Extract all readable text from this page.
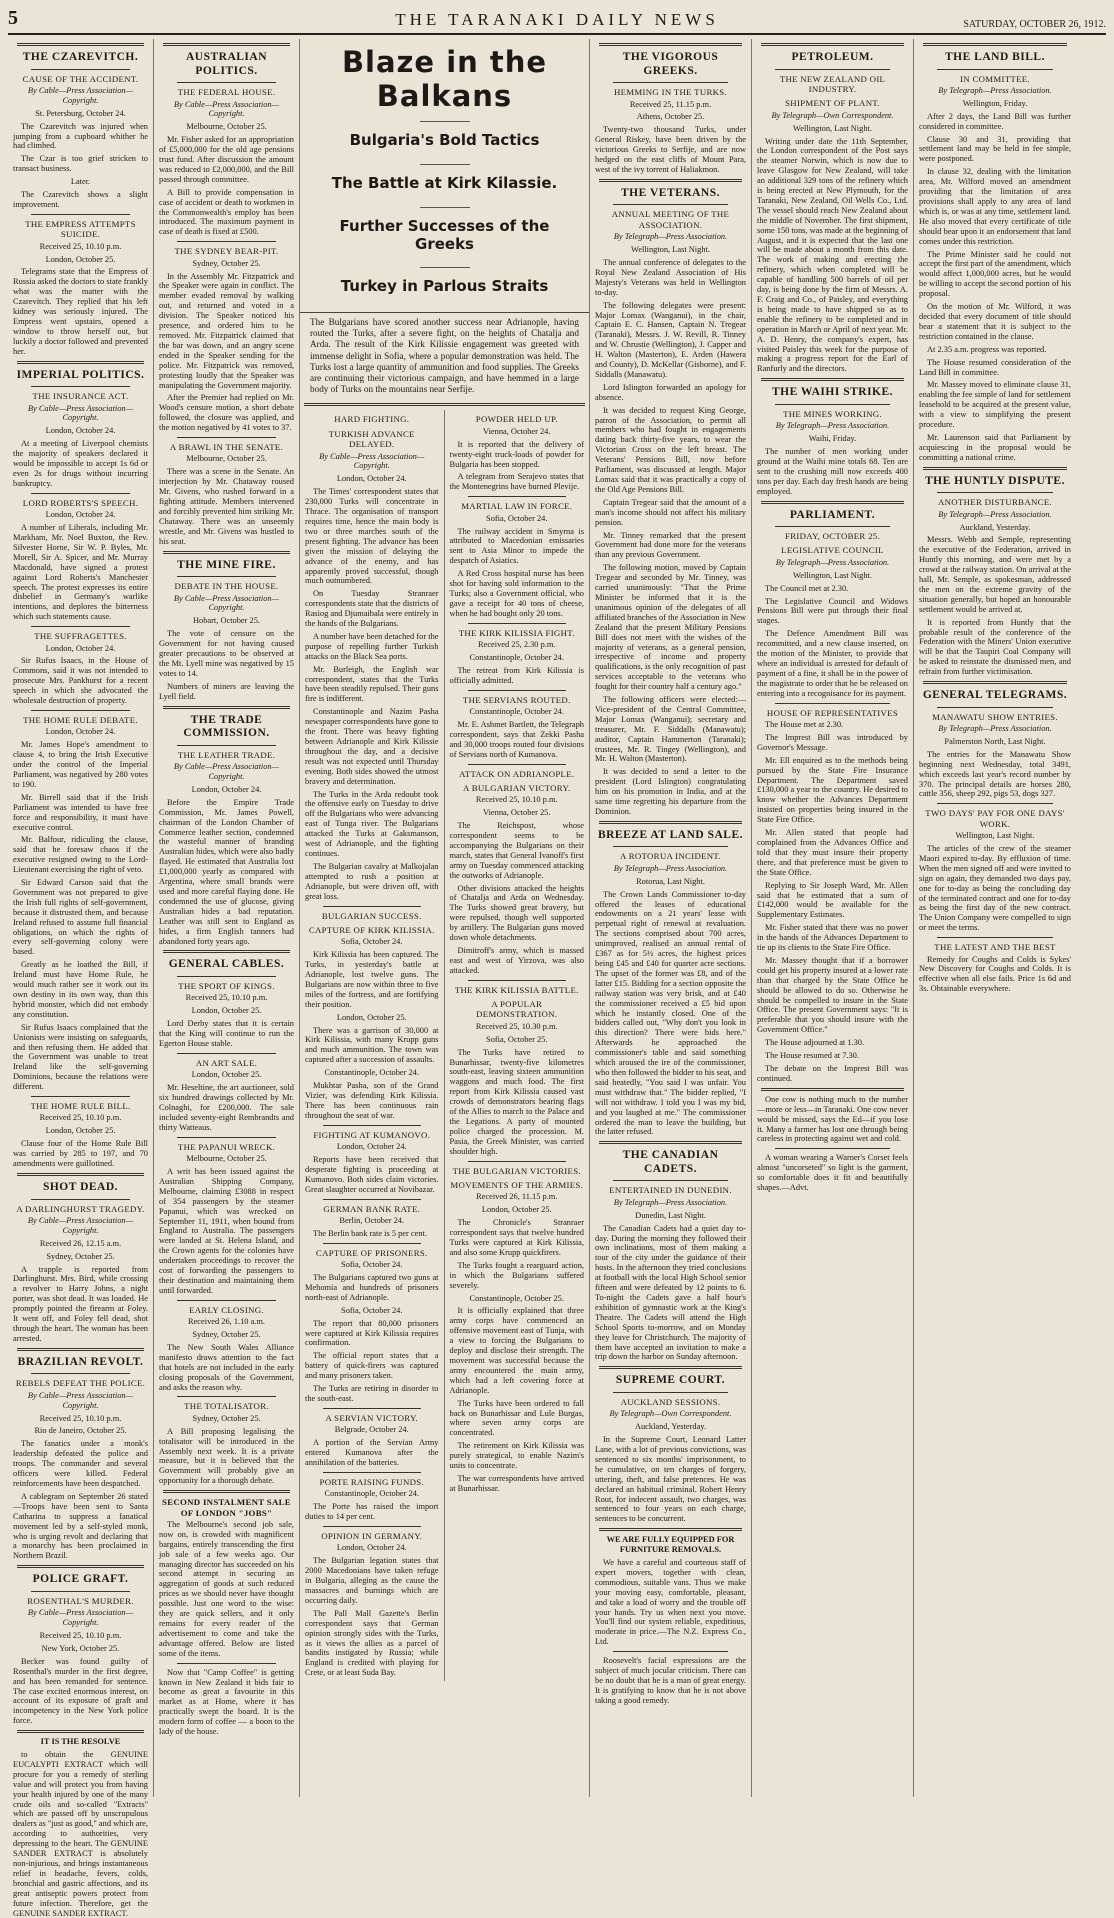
5	THE TARANAKI DAILY NEWS	SATURDAY, OCTOBER 26, 1912.
THE CZAREVITCH.
CAUSE OF THE ACCIDENT.

By Cable—Press Association—Copyright.

St. Petersburg, October 24.

The Czarevitch was injured when jumping from a cupboard whither he had climbed.

The Czar is too grief stricken to transact business.

Later.

The Czarevitch shows a slight improvement.

THE EMPRESS ATTEMPTS SUICIDE.

Received 25, 10.10 p.m.

London, October 25.

Telegrams state that the Empress of Russia asked the doctors to state frankly what was the matter with the Czarevitch. They replied that his left kidney was seriously injured. The Empress went upstairs, opened a window to throw herself out, but luckily a doctor followed and prevented her.

IMPERIAL POLITICS.
THE INSURANCE ACT.

By Cable—Press Association—Copyright.

London, October 24.

At a meeting of Liverpool chemists the majority of speakers declared it would be impossible to accept 1s 6d or even 2s for drugs without incurring bankruptcy.

LORD ROBERTS'S SPEECH.

London, October 24.

A number of Liberals, including Mr. Markham, Mr. Noel Buxton, the Rev. Silvester Horne, Sir W. P. Byles, Mr. Morell, Sir A. Spicer, and Mr. Murray Macdonald, have signed a protest against Lord Roberts's Manchester speech. The protest expresses its entire disbelief in Germany's warlike intentions, and deplores the bitterness which such statements cause.

THE SUFFRAGETTES.

London, October 24.

Sir Rufus Isaacs, in the House of Commons, said it was not intended to prosecute Mrs. Pankhurst for a recent speech in which she advocated the wholesale destruction of property.

THE HOME RULE DEBATE.

London, October 24.

Mr. James Hope's amendment to clause 4, to bring the Irish Executive under the control of the Imperial Parliament, was negatived by 280 votes to 190.

Mr. Birrell said that if the Irish Parliament was intended to have free force and responsibility, it must have executive control.

Mr. Balfour, ridiculing the clause, said that he foresaw chaos if the executive resigned owing to the Lord-Lieutenant exercising the right of veto.

Sir Edward Carson said that the Government was not prepared to give the Irish full rights of self-government, because it distrusted them, and because Ireland refused to assume full financial obligations, on which the rights of every self-governing colony were based.

Greatly as he loathed the Bill, if Ireland must have Home Rule, he would much rather see it work out its own destiny in its own way, than this hybrid monster, which did not embody any constitution.

Sir Rufus Isaacs complained that the Unionists were insisting on safeguards, and then refusing them. He added that the Government was unable to treat Ireland like the self-governing Dominions, because the relations were different.

THE HOME RULE BILL.

Received 25, 10.10 p.m.

London, October 25.

Clause four of the Home Rule Bill was carried by 285 to 197, and 70 amendments were guillotined.

SHOT DEAD.
A DARLINGHURST TRAGEDY.

By Cable—Press Association—Copyright.

Received 26, 12.15 a.m.

Sydney, October 25.

A trapple is reported from Darlinghurst. Mrs. Bird, while crossing a revolver to Harry Johns, a night porter, was shot dead. It was loaded. He promptly pointed the firearm at Foley. It went off, and Foley fell dead, shot through the heart. The woman has been arrested.

BRAZILIAN REVOLT.
REBELS DEFEAT THE POLICE.

By Cable—Press Association—Copyright.

Received 25, 10.10 p.m.

Rio de Janeiro, October 25.

The fanatics under a monk's leadership defeated the police and troops. The commander and several officers were killed. Federal reinforcements have been despatched.

A cablegram on September 26 stated—Troops have been sent to Santa Catharina to suppress a fanatical movement led by a self-styled monk, who is urging revolt and declaring that a monarchy has been proclaimed in Northern Brazil.

POLICE GRAFT.
ROSENTHAL'S MURDER.

By Cable—Press Association—Copyright.

Received 25, 10.10 p.m.

New York, October 25.

Becker was found guilty of Rosenthal's murder in the first degree, and has been remanded for sentence. The case excited enormous interest, on account of its exposure of graft and incompetency in the New York police force.

IT IS THE RESOLVE

to obtain the GENUINE EUCALYPTI EXTRACT which will procure for you a remedy of sterling value and will protect you from having your health injured by one of the many crude oils and so-called "Extracts" which are passed off by unscrupulous dealers as "just as good," and which are, according to authorities, very depressing to the heart. The GENUINE SANDER EXTRACT is absolutely non-injurious, and brings instantaneous relief in headache, fevers, colds, bronchial and gastric affections, and its great antiseptic powers protect from future infection. Therefore, get the GENUINE SANDER EXTRACT.

AUSTRALIAN POLITICS.
THE FEDERAL HOUSE.

By Cable—Press Association—Copyright.

Melbourne, October 25.

Mr. Fisher asked for an appropriation of £5,000,000 for the old age pensions trust fund. After discussion the amount was reduced to £2,000,000, and the Bill passed through committee.

A Bill to provide compensation in case of accident or death to workmen in the Commonwealth's employ has been introduced. The maximum payment in case of death is fixed at £500.

THE SYDNEY BEAR-PIT.

Sydney, October 25.

In the Assembly Mr. Fitzpatrick and the Speaker were again in conflict. The member evaded removal by walking out, and returned and voted in a division. The Speaker noticed his presence, and ordered him to be removed. Mr. Fitzpatrick claimed that the bar was down, and an angry scene ended in the Speaker sending for the police. Mr. Fitzpatrick was removed, protesting loudly that the Speaker was manipulating the Government majority.

After the Premier had replied on Mr. Wood's censure motion, a short debate followed, the closure was applied, and the motion negatived by 41 votes to 37.

A BRAWL IN THE SENATE.

Melbourne, October 25.

There was a scene in the Senate. An interjection by Mr. Chataway roused Mr. Givens, who rushed forward in a fighting attitude. Members intervened and forcibly prevented him striking Mr. Chataway. There was an unseemly wrestle, and Mr. Givens was hustled to his seat.

THE MINE FIRE.
DEBATE IN THE HOUSE.

By Cable—Press Association—Copyright.

Hobart, October 25.

The vote of censure on the Government for not having caused greater precautions to be observed at the Mt. Lyell mine was negatived by 15 votes to 14.

Numbers of miners are leaving the Lyell field.

THE TRADE COMMISSION.
THE LEATHER TRADE.

By Cable—Press Association—Copyright.

London, October 24.

Before the Empire Trade Commission, Mr. James Powell, chairman of the London Chamber of Commerce leather section, condemned the wasteful manner of branding Australian hides, which were also badly flayed. He estimated that Australia lost £1,000,000 yearly as compared with Argentina, where small brands were used and more careful flaying done. He condemned the use of glucose, giving Australian hides a bad reputation. Leather was still sent to England as hides, a firm English tanners had abandoned forty years ago.

GENERAL CABLES.
THE SPORT OF KINGS.

Received 25, 10.10 p.m.

London, October 25.

Lord Derby states that it is certain that the King will continue to run the Egerton House stable.

AN ART SALE.

London, October 25.

Mr. Heseltine, the art auctioneer, sold six hundred drawings collected by Mr. Colnaghi, for £200,000. The sale included seventy-eight Rembrandts and thirty Watteaus.

THE PAPANUI WRECK.

Melbourne, October 25.

A writ has been issued against the Australian Shipping Company, Melbourne, claiming £3088 in respect of 354 passengers by the steamer Papanui, which was wrecked on September 11, 1911, when bound from England to Australia. The passengers were landed at St. Helena Island, and the Crown agents for the colonies have undertaken proceedings to recover the cost of forwarding the passengers to their destination and maintaining them until forwarded.

EARLY CLOSING.

Received 26, 1.10 a.m.

Sydney, October 25.

The New South Wales Alliance manifesto draws attention to the fact that hotels are not included in the early closing proposals of the Government, and asks the reason why.

THE TOTALISATOR.

Sydney, October 25.

A Bill proposing legalising the totalisator will be introduced in the Assembly next week. It is a private measure, but it is believed that the Government will probably give an opportunity for a thorough debate.

SECOND INSTALMENT SALE OF LONDON "JOBS"

The Melbourne's second job sale, now on, is crowded with magnificent bargains, entirely transcending the first job sale of a few weeks ago. Our managing director has succeeded on his second attempt in securing an aggregation of goods at such reduced prices as we should never have thought possible. Just one word to the wise: they are quick sellers, and it only remains for every reader of the advertisement to come and take the advantage offered. Below are listed some of the items.

Now that "Camp Coffee" is getting known in New Zealand it bids fair to become as great a favourite in this market as at Home, where it has practically swept the board. It is the modern form of coffee — a boon to the lady of the house.

Blaze in the Balkans
Bulgaria's Bold Tactics
The Battle at Kirk Kilassie.
Further Successes of the Greeks
Turkey in Parlous Straits
The Bulgarians have scored another success near Adrianople, having routed the Turks, after a severe fight, on the heights of Chatalja and Arda. The result of the Kirk Kilissie engagement was greeted with immense delight in Sofia, where a popular demonstration was held. The Turks lost a large quantity of ammunition and food supplies. The Greeks are continuing their victorious campaign, and have hemmed in a large body of Turks on the mountains near Serfije.
HARD FIGHTING.
TURKISH ADVANCE DELAYED.

By Cable—Press Association—Copyright.

London, October 24.

The Times' correspondent states that 230,000 Turks will concentrate in Thrace. The organisation of transport requires time, hence the main body is two or three marches south of the present fighting. The advance has been given the mission of delaying the advance of the enemy, and has apparently proved successful, though much outnumbered.

On Tuesday Stranraer correspondents state that the districts of Rasiog and Djumaibala were entirely in the hands of the Bulgarians.

A number have been detached for the purpose of repelling further Turkish attacks on the Black Sea ports.

Mr. Burleigh, the English war correspondent, states that the Turks have been steadily repulsed. Their guns fire is indifferent.

Constantinople and Nazim Pasha newspaper correspondents have gone to the front. There was heavy fighting between Adrianople and Kirk Kilissie throughout the day, and a decisive result was not expected until Thursday evening. Both sides showed the utmost bravery and determination.

The Turks in the Arda redoubt took the offensive early on Tuesday to drive off the Bulgarians who were advancing east of Tunga river. The Bulgarians attacked the Turks at Gaksmanson, west of Adrianople, and the fighting continues.

The Bulgarian cavalry at Malkojalan attempted to rush a position at Adrianople, but were driven off, with great loss.

BULGARIAN SUCCESS.
CAPTURE OF KIRK KILISSIA.

Sofia, October 24.

Kirk Kilissia has been captured. The Turks, in yesterday's battle at Adrianople, lost twelve guns. The Bulgarians are now within three to five miles of the fortress, and are fortifying their position.

London, October 25.

There was a garrison of 30,000 at Kirk Kilissia, with many Krupp guns and much ammunition. The town was captured after a succession of assaults.

Constantinople, October 24.

Mukhtar Pasha, son of the Grand Vizier, was defending Kirk Kilissia. There has been continuous rain throughout the seat of war.

FIGHTING AT KUMANOVO.

London, October 24.

Reports have been received that desperate fighting is proceeding at Kumanovo. Both sides claim victories. Great slaughter occurred at Novibazar.

GERMAN BANK RATE.

Berlin, October 24.

The Berlin bank rate is 5 per cent.

CAPTURE OF PRISONERS.

Sofia, October 24.

The Bulgarians captured two guns at Mehomia and hundreds of prisoners north-east of Adrianople.

Sofia, October 24.

The report that 80,000 prisoners were captured at Kirk Kilissia requires confirmation.

The official report states that a battery of quick-firers was captured and many prisoners taken.

The Turks are retiring in disorder to the south-east.

A SERVIAN VICTORY.

Belgrade, October 24.

A portion of the Servian Army entered Kumanova after the annihilation of the batteries.

PORTE RAISING FUNDS.

Constantinople, October 24.

The Porte has raised the import duties to 14 per cent.

OPINION IN GERMANY.

London, October 24.

The Bulgarian legation states that 2000 Macedonians have taken refuge in Bulgaria, alleging as the cause the massacres and burnings which are occurring daily.

The Pall Mall Gazette's Berlin correspondent says that German opinion strongly sides with the Turks, as it views the allies as a parcel of bandits instigated by Russia; while England is credited with playing for Crete, or at least Suda Bay.

POWDER HELD UP.

Vienna, October 24.

It is reported that the delivery of twenty-eight truck-loads of powder for Bulgaria has been stopped.

A telegram from Serajevo states that the Montenegrins have burned Plevije.

MARTIAL LAW IN FORCE.

Sofia, October 24.

The railway accident in Smyrna is attributed to Macedonian emissaries sent to Asia Minor to impede the despatch of Asiatics.

A Red Cross hospital nurse has been shot for having sold information to the Turks; also a Government official, who gave a receipt for 40 tons of cheese, when he had bought only 20 tons.

THE KIRK KILISSIA FIGHT.

Received 25, 2.30 p.m.

Constantinople, October 24.

The retreat from Kirk Kilissia is officially admitted.

THE SERVIANS ROUTED.

Constantinople, October 24.

Mr. E. Ashmet Bartlett, the Telegraph correspondent, says that Zekki Pasha and 30,000 troops routed four divisions of Servians north of Kumanova.

ATTACK ON ADRIANOPLE.
A BULGARIAN VICTORY.

Received 25, 10.10 p.m.

Vienna, October 25.

The Reichspost, whose correspondent seems to be accompanying the Bulgarians on their march, states that General Ivanoff's first army on Tuesday commenced attacking the outworks of Adrianople.

Other divisions attacked the heights of Chatalja and Arda on Wednesday. The Turks showed great bravery, but were repulsed, though well supported by artillery. The Bulgarian guns moved down whole detachments.

Dimitroff's army, which is massed east and west of Yirzova, was also attacked.

THE KIRK KILISSIA BATTLE.
A POPULAR DEMONSTRATION.

Received 25, 10.30 p.m.

Sofia, October 25.

The Turks have retired to Bunarhissar, twenty-five kilometres south-east, leaving sixteen ammunition waggons and much food. The first report from Kirk Kilissia caused vast crowds of demonstrators bearing flags of the Allies to march to the Palace and the Legations. A party of mounted police charged the procession. M. Pasia, the Greek Minister, was carried shoulder high.

THE BULGARIAN VICTORIES.
MOVEMENTS OF THE ARMIES.

Received 26, 11.15 p.m.

London, October 25.

The Chronicle's Stranraer correspondent says that twelve hundred Turks were captured at Kirk Kilissia, and also some Krupp quickfirers.

The Turks fought a rearguard action, in which the Bulgarians suffered severely.

Constantinople, October 25.

It is officially explained that three army corps have commenced an offensive movement east of Tunja, with a view to forcing the Bulgarians to deploy and disclose their strength. The movement was successful because the army encountered the main army, which had a left covering force at Adrianople.

The Turks have been ordered to fall back on Bunarhissar and Lule Burgas, where seven army corps are concentrated.

The retirement on Kirk Kilissia was purely strategical, to enable Nazim's units to concentrate.

The war correspondents have arrived at Bunarhissar.

THE VIGOROUS GREEKS.
HEMMING IN THE TURKS.

Received 25, 11.15 p.m.

Athens, October 25.

Twenty-two thousand Turks, under General Riskey, have been driven by the victorious Greeks to Serfije, and are now hedged on the east cliffs of Mount Para, west of the ivy torrent of Haliakmon.

THE VETERANS.
ANNUAL MEETING OF THE ASSOCIATION.

By Telegraph—Press Association.

Wellington, Last Night.

The annual conference of delegates to the Royal New Zealand Association of His Majesty's Veterans was held in Wellington to-day.

The following delegates were present: Major Lomax (Wanganui), in the chair, Captain E. C. Hansen, Captain N. Tregear (Taranaki), Messrs. J. W. Revill, R. Tinney and W. Chrustie (Wellington), J. Capper and H. Walton (Masterton), E. Arden (Hawera and County), D. McKellar (Gisborne), and F. Siddalls (Manawatu).

Lord Islington forwarded an apology for absence.

It was decided to request King George, patron of the Association, to permit all members who had fought in engagements dating back thirty-five years, to wear the Victorian Cross on the left breast. The Veterans' Pensions Bill, now before Parliament, was discussed at length. Major Lomax said that it was practically a copy of the Old Age Pensions Bill.

Captain Tregear said that the amount of a man's income should not affect his military pension.

Mr. Tinney remarked that the present Government had done more for the veterans than any previous Government.

The following motion, moved by Captain Tregear and seconded by Mr. Tinney, was carried unanimously: "That the Prime Minister be informed that it is the unanimous opinion of the delegates of all affiliated branches of the Association in New Zealand that the present Military Pensions Bill does not meet with the wishes of the majority of veterans, as a general pension, irrespective of income and property qualifications, is the only recognition of past services acceptable to the veterans who fought for their country half a century ago."

The following officers were elected:—Vice-president of the Central Committee, Major Lomax (Wanganui); secretary and treasurer, Mr. F. Siddalls (Manawatu); auditor, Captain Hammerton (Taranaki); trustees, Mr. R. Tingey (Wellington), and Mr. H. Walton (Masterton).

It was decided to send a letter to the president (Lord Islington) congratulating him on his promotion in India, and at the same time regretting his departure from the Dominion.

BREEZE AT LAND SALE.
A ROTORUA INCIDENT.

By Telegraph—Press Association.

Rotorua, Last Night.

The Crown Lands Commissioner to-day offered the leases of educational endowments on a 21 years' lease with perpetual right of renewal at revaluation. The sections comprised about 700 acres, unimproved, realised an annual rental of £367 as for 5½ acres, the highest prices being £45 and £40 for quarter acre sections. The upset of the former was £8, and of the latter £15. Bidding for a section opposite the railway station was very brisk, and at £40 the commissioner received a £5 bid upon which he instantly closed. One of the bidders called out, "Why don't you look in this direction? There were bids here." Afterwards he approached the commissioner's table and said something which aroused the ire of the commissioner, who then followed the bidder to his seat, and said heatedly, "You said I was unfair. You must withdraw that." The bidder replied, "I will not withdraw. I told you I was my bid, and you laughed at me." The commissioner ordered the man to leave the building, but the latter refused.

THE CANADIAN CADETS.
ENTERTAINED IN DUNEDIN.

By Telegraph—Press Association.

Dunedin, Last Night.

The Canadian Cadets had a quiet day to-day. During the morning they followed their own inclinations, most of them making a tour of the city under the guidance of their hosts. In the afternoon they tried conclusions at football with the local High School senior fifteen and were defeated by 12 points to 6. To-night the Cadets gave a half hour's exhibition of gymnastic work at the King's Theatre. The Cadets will attend the High School Sports to-morrow, and on Monday they leave for Christchurch. The majority of them have accepted an invitation to make a trip down the harbor on Sunday afternoon.

SUPREME COURT.
AUCKLAND SESSIONS.

By Telegraph—Own Correspondent.

Auckland, Yesterday.

In the Supreme Court, Leonard Latter Lane, with a lot of previous convictions, was sentenced to six months' imprisonment, to be cumulative, on ten charges of forgery, uttering, theft, and false pretences. He was declared an habitual criminal. Robert Henry Rout, for indecent assault, two charges, was sentenced to four years on each charge, sentences to be concurrent.

WE ARE FULLY EQUIPPED FOR FURNITURE REMOVALS.

We have a careful and courteous staff of expert movers, together with clean, commodious, suitable vans. Thus we make your moving easy, comfortable, pleasant, and take a load of worry and the trouble off your hands. Try us when next you move. You'll find our system reliable, expeditious, moderate in price.—The N.Z. Express Co., Ltd.

Roosevelt's facial expressions are the subject of much jocular criticism. There can be no doubt that he is a man of great energy. It is gratifying to know that he is not above taking a good remedy.

PETROLEUM.
THE NEW ZEALAND OIL INDUSTRY.
SHIPMENT OF PLANT.

By Telegraph—Own Correspondent.

Wellington, Last Night.

Writing under date the 11th September, the London correspondent of the Post says the steamer Norwin, which is now due to leave Glasgow for New Zealand, will take an additional 329 tons of the refinery which is being erected at New Plymouth, for the Taranaki, New Zealand, Oil Wells Co., Ltd. The vessel should reach New Zealand about the middle of November. The first shipment, some 150 tons, was made at the beginning of August, and it is expected that the last one will be made about a month from this date. The work of making and erecting the refinery, which when completed will be capable of handling 500 barrels of oil per day, is being done by the firm of Messrs. A. F. Craig and Co., of Paisley, and everything is being made to have shipped so as to enable the refinery to be completed and in operation in March or April of next year. Mr. A. D. Henry, the company's expert, has visited Paisley this week for the purpose of making a progress report for the Earl of Ranfurly and the directors.

THE WAIHI STRIKE.
THE MINES WORKING.

By Telegraph—Press Association.

Waihi, Friday.

The number of men working under ground at the Waihi mine totals 68. Ten are sent to the crushing mill now exceeds 400 tons per day. Each day fresh hands are being employed.

PARLIAMENT.
FRIDAY, OCTOBER 25.
LEGISLATIVE COUNCIL

By Telegraph—Press Association.

Wellington, Last Night.

The Council met at 2.30.

The Legislative Council and Widows Pensions Bill were put through their final stages.

The Defence Amendment Bill was recommitted, and a new clause inserted, on the motion of the Minister, to provide that where an individual is arrested for default of payment of a fine, it shall be in the power of the magistrate to order that he be released on entering into a recognisance for its payment.

HOUSE OF REPRESENTATIVES

The House met at 2.30.

The Imprest Bill was introduced by Governor's Message.

Mr. Ell enquired as to the methods being pursued by the State Fire Insurance Department. The Department saved £130,000 a year to the country. He desired to know whether the Advances Department insisted on properties being insured in the State Fire Office.

Mr. Allen stated that people had complained from the Advances Office and told that they must insure their property there, and that preference must be given to the State Office.

Replying to Sir Joseph Ward, Mr. Allen said that he estimated that a sum of £142,000 would be available for the Supplementary Estimates.

Mr. Fisher stated that there was no power in the hands of the Advances Department to tie up its clients to the State Fire Office.

Mr. Massey thought that if a borrower could get his property insured at a lower rate than that charged by the State Office he should be allowed to do so. Otherwise he should be compelled to insure in the State Office. The present Government says: "It is preferable that you should insure with the Government Office."

The House adjourned at 1.30.

The House resumed at 7.30.

The debate on the Imprest Bill was continued.

One cow is nothing much to the number—more or less—in Taranaki. One cow never would be missed, says the Ed—if you lose it. Many a farmer has lost one through being careless in protecting against wet and cold.

A woman wearing a Warner's Corset feels almost "uncorseted" so light is the garment, so comfortable does it fit and beautifully shapes.—Advt.

THE LAND BILL.
IN COMMITTEE.

By Telegraph—Press Association.

Wellington, Friday.

After 2 days, the Land Bill was further considered in committee.

Clause 30 and 31, providing that settlement land may be held in fee simple, were postponed.

In clause 32, dealing with the limitation area, Mr. Wilford moved an amendment providing that the limitation of area provisions shall apply to any area of land which is, or was at any time, settlement land. He also moved that every certificate of title should bear upon it an endorsement that land comes under this restriction.

The Prime Minister said he could not accept the first part of the amendment, which would affect 1,000,000 acres, but he would be willing to accept the second portion of his proposal.

On the motion of Mr. Wilford, it was decided that every document of title should bear a statement that it is subject to the restriction contained in the clause.

At 2.35 a.m. progress was reported.

The House resumed consideration of the Land Bill in committee.

Mr. Massey moved to eliminate clause 31, enabling the fee simple of land for settlement leasehold to be acquired at the present value, with a view to simplifying the present procedure.

Mr. Laurenson said that Parliament by acquiescing in the proposal would be committing a national crime.

THE HUNTLY DISPUTE.
ANOTHER DISTURBANCE.

By Telegraph—Press Association.

Auckland, Yesterday.

Messrs. Webb and Semple, representing the executive of the Federation, arrived in Huntly this morning, and were met by a crowd at the railway station. On arrival at the hall, Mr. Semple, as spokesman, addressed the men on the extreme gravity of the situation generally, but hoped an honourable settlement would be arrived at.

It is reported from Huntly that the probable result of the conference of the Federation with the Miners' Union executive will be that the Taupiri Coal Company will be asked to reinstate the dismissed men, and refrain from further victimisation.

GENERAL TELEGRAMS.
MANAWATU SHOW ENTRIES.

By Telegraph—Press Association.

Palmerston North, Last Night.

The entries for the Manawatu Show beginning next Wednesday, total 3491, which exceeds last year's record number by 370. The principal details are horses 280, cattle 356, sheep 292, pigs 53, dogs 327.

TWO DAYS' PAY FOR ONE DAYS' WORK.

Wellington, Last Night.

The articles of the crew of the steamer Maori expired to-day. By effluxion of time. When the men signed off and were invited to sign on again, they demanded two days pay, one for to-day as being the concluding day of the terminated contract and one for to-day as being the first day of the new contract. The Union Company were compelled to sign or meet the terms.

THE LATEST AND THE BEST

Remedy for Coughs and Colds is Sykes' New Discovery for Coughs and Colds. It is effective when all else fails. Price 1s 6d and 3s. Obtainable everywhere.
